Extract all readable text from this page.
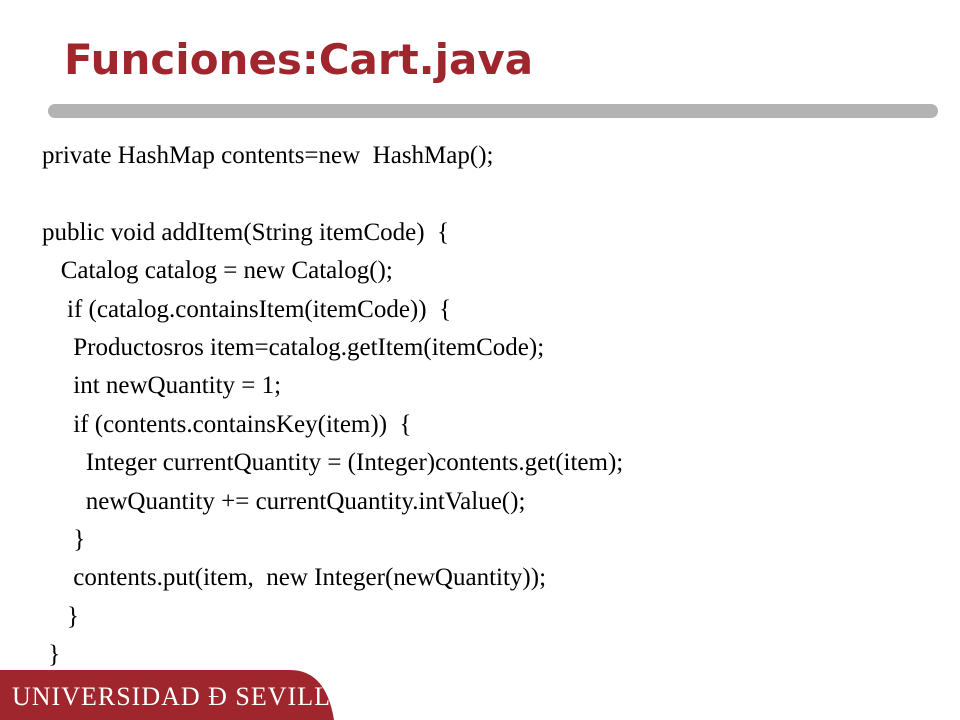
Funciones:Cart.java
private HashMap contents=new  HashMap();
public void addItem(String itemCode)  {
Catalog catalog = new Catalog();
if (catalog.containsItem(itemCode))  {
Productosros item=catalog.getItem(itemCode);
int newQuantity = 1;
if (contents.containsKey(item))  {
Integer currentQuantity = (Integer)contents.get(item);
newQuantity += currentQuantity.intValue();
}
contents.put(item,  new Integer(newQuantity));
}
}
UNIVERSIDAD Ð SEVILLA
